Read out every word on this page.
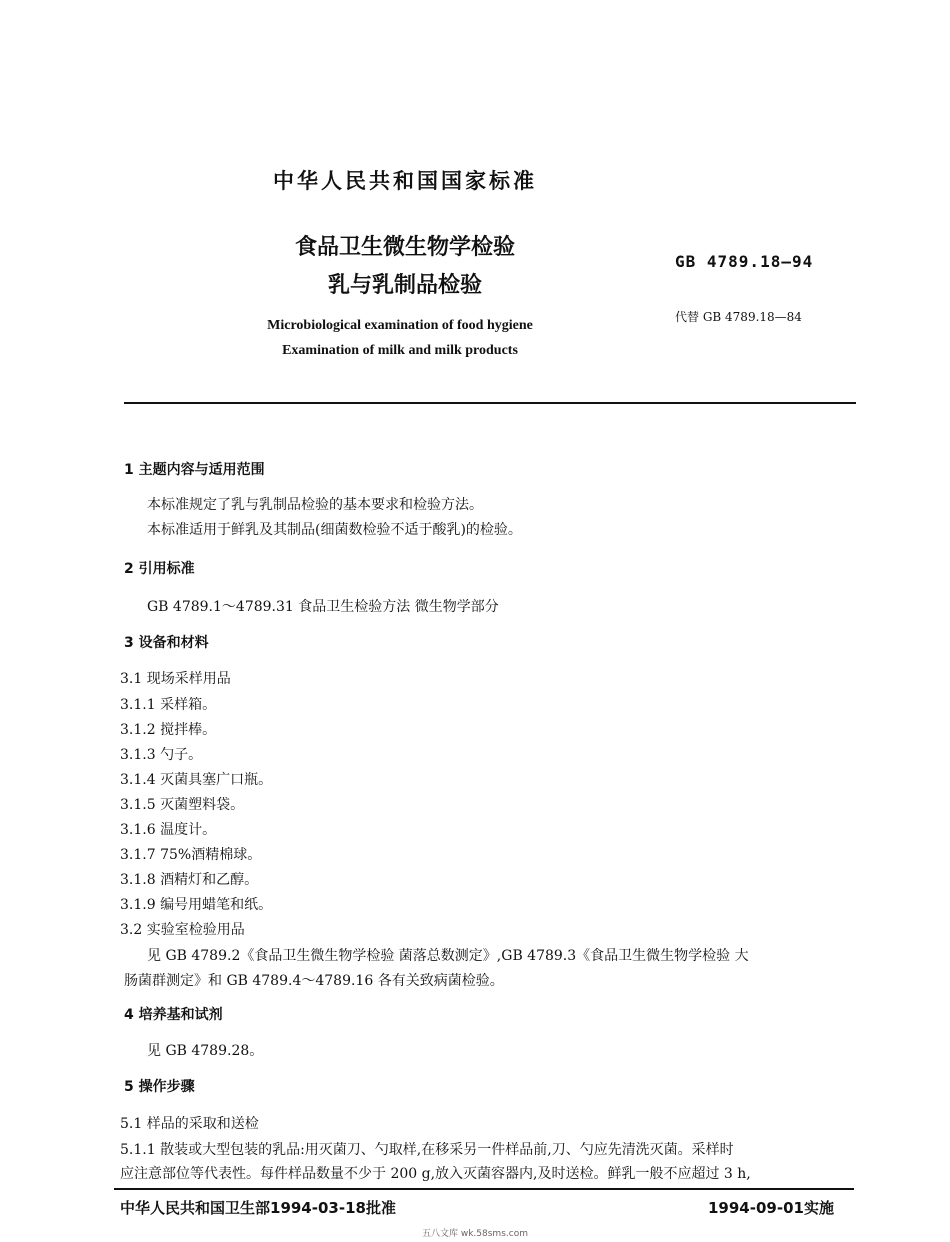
中华人民共和国国家标准
食品卫生微生物学检验
乳与乳制品检验
Microbiological examination of food hygiene
Examination of milk and milk products
GB 4789.18—94
代替 GB 4789.18—84
1 主题内容与适用范围
本标准规定了乳与乳制品检验的基本要求和检验方法。
本标准适用于鲜乳及其制品(细菌数检验不适于酸乳)的检验。
2 引用标准
GB 4789.1～4789.31 食品卫生检验方法 微生物学部分
3 设备和材料
3.1 现场采样用品
3.1.1 采样箱。
3.1.2 搅拌棒。
3.1.3 勺子。
3.1.4 灭菌具塞广口瓶。
3.1.5 灭菌塑料袋。
3.1.6 温度计。
3.1.7 75%酒精棉球。
3.1.8 酒精灯和乙醇。
3.1.9 编号用蜡笔和纸。
3.2 实验室检验用品
见 GB 4789.2《食品卫生微生物学检验 菌落总数测定》,GB 4789.3《食品卫生微生物学检验 大
肠菌群测定》和 GB 4789.4～4789.16 各有关致病菌检验。
4 培养基和试剂
见 GB 4789.28。
5 操作步骤
5.1 样品的采取和送检
5.1.1 散装或大型包装的乳品:用灭菌刀、勺取样,在移采另一件样品前,刀、勺应先清洗灭菌。采样时
应注意部位等代表性。每件样品数量不少于 200 g,放入灭菌容器内,及时送检。鲜乳一般不应超过 3 h,
中华人民共和国卫生部1994-03-18批准	1994-09-01实施
五八文库 wk.58sms.com
